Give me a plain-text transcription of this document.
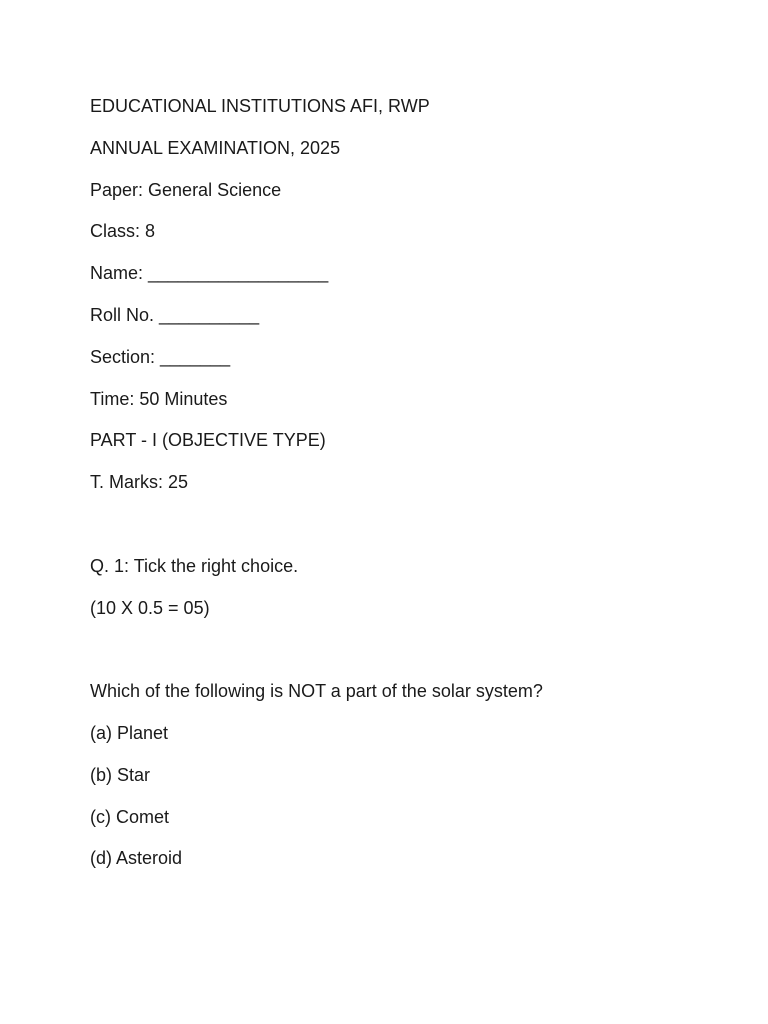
EDUCATIONAL INSTITUTIONS AFI, RWP
ANNUAL EXAMINATION, 2025
Paper: General Science
Class: 8
Name: __________________
Roll No. __________
Section: _______
Time: 50 Minutes
PART - I (OBJECTIVE TYPE)
T. Marks: 25
Q. 1: Tick the right choice.
(10 X 0.5 = 05)
Which of the following is NOT a part of the solar system?
(a) Planet
(b) Star
(c) Comet
(d) Asteroid
